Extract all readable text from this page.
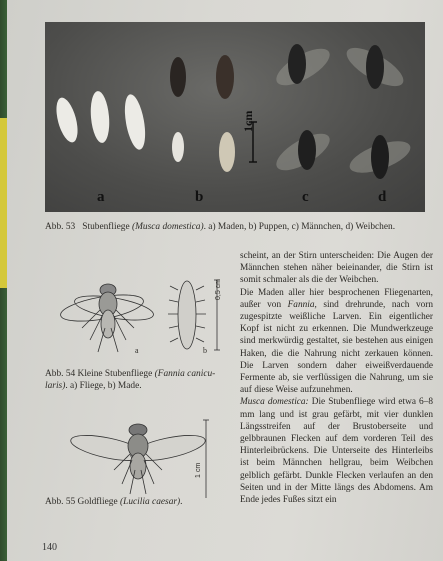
a	b	c	d
1cm
Abb. 53 Stubenfliege (Musca domestica). a) Maden, b) Puppen, c) Männchen, d) Weibchen.
a	b
0,5 cm
Abb. 54 Kleine Stubenfliege (Fannia canicu-
laris). a) Fliege, b) Made.
1 cm
Abb. 55 Goldfliege (Lucilia caesar).

scheint, an der Stirn unterscheiden: Die Augen der Männchen stehen näher beieinander, die Stirn ist somit schmaler als die der Weibchen.

Die Maden aller hier besprochenen Fliegenarten, außer von Fannia, sind drehrunde, nach vorn zugespitzte weißliche Larven. Ein eigentlicher Kopf ist nicht zu erkennen. Die Mundwerkzeuge sind merkwürdig gestaltet, sie bestehen aus einigen Haken, die die Nahrung nicht zerkauen können. Die Larven sondern daher eiweißverdauende Fermente ab, sie verflüssigen die Nahrung, um sie auf diese Weise aufzunehmen.

Musca domestica: Die Stubenfliege wird etwa 6–8 mm lang und ist grau gefärbt, mit vier dunklen Längsstreifen auf der Brustoberseite und gelbbraunen Flecken auf dem vorderen Teil des Hinterleibrückens. Die Unterseite des Hinterleibs ist beim Männchen hellgrau, beim Weibchen gelblich gefärbt. Dunkle Flecken verlaufen an den Seiten und in der Mitte längs des Abdomens. Am Ende jedes Fußes sitzt ein

140
